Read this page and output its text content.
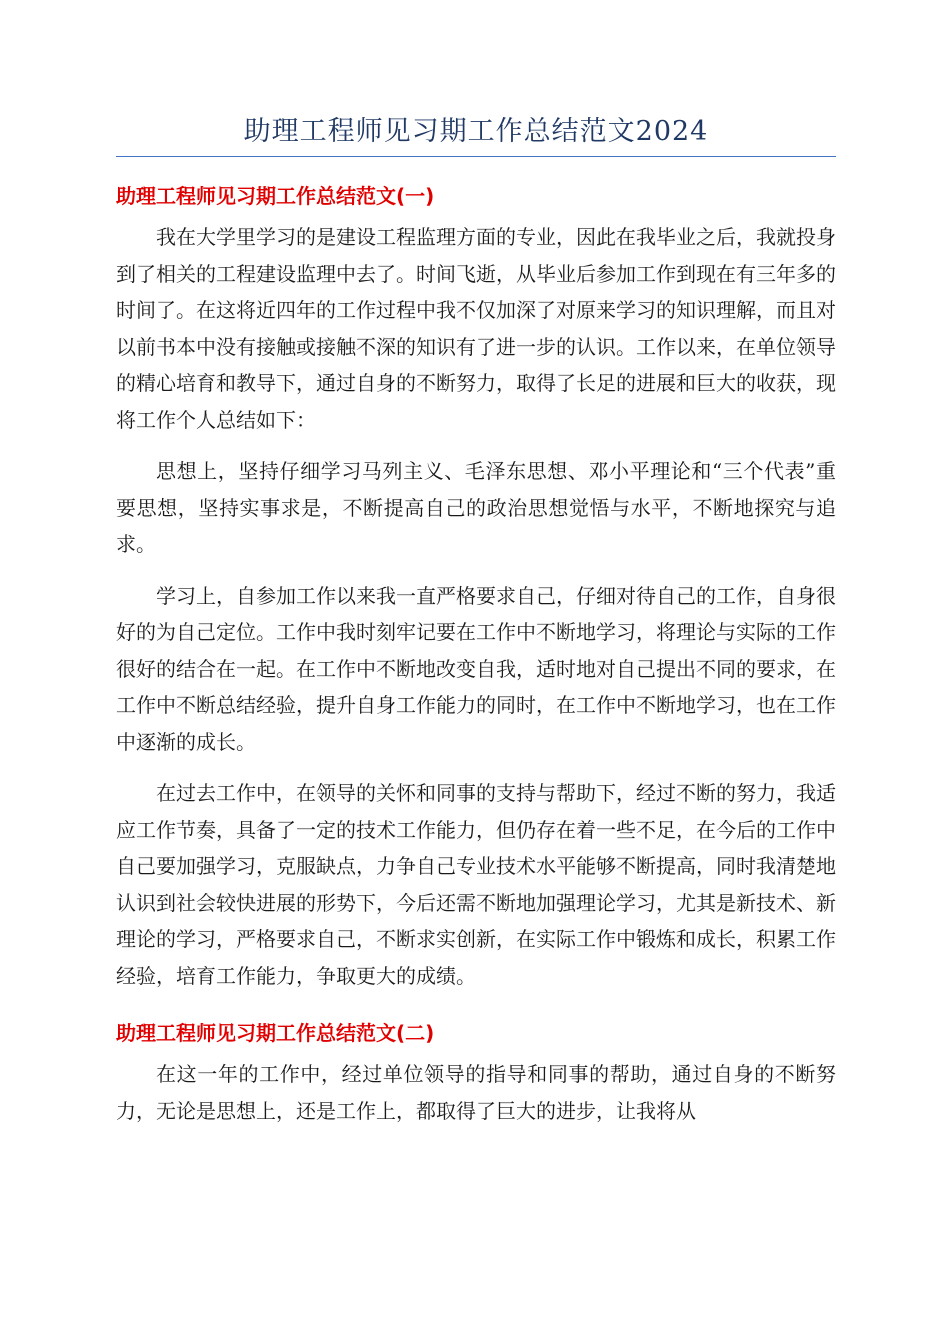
助理工程师见习期工作总结范文2024
助理工程师见习期工作总结范文(一)

我在大学里学习的是建设工程监理方面的专业，因此在我毕业之后，我就投身到了相关的工程建设监理中去了。时间飞逝，从毕业后参加工作到现在有三年多的时间了。在这将近四年的工作过程中我不仅加深了对原来学习的知识理解，而且对以前书本中没有接触或接触不深的知识有了进一步的认识。工作以来，在单位领导的精心培育和教导下，通过自身的不断努力，取得了长足的进展和巨大的收获，现将工作个人总结如下：

思想上，坚持仔细学习马列主义、毛泽东思想、邓小平理论和“三个代表”重要思想，坚持实事求是，不断提高自己的政治思想觉悟与水平，不断地探究与追求。

学习上，自参加工作以来我一直严格要求自己，仔细对待自己的工作，自身很好的为自己定位。工作中我时刻牢记要在工作中不断地学习，将理论与实际的工作很好的结合在一起。在工作中不断地改变自我，适时地对自己提出不同的要求，在工作中不断总结经验，提升自身工作能力的同时，在工作中不断地学习，也在工作中逐渐的成长。

在过去工作中，在领导的关怀和同事的支持与帮助下，经过不断的努力，我适应工作节奏，具备了一定的技术工作能力，但仍存在着一些不足，在今后的工作中自己要加强学习，克服缺点，力争自己专业技术水平能够不断提高，同时我清楚地认识到社会较快进展的形势下，今后还需不断地加强理论学习，尤其是新技术、新理论的学习，严格要求自己，不断求实创新，在实际工作中锻炼和成长，积累工作经验，培育工作能力，争取更大的成绩。

助理工程师见习期工作总结范文(二)

在这一年的工作中，经过单位领导的指导和同事的帮助，通过自身的不断努力，无论是思想上，还是工作上，都取得了巨大的进步，让我将从
